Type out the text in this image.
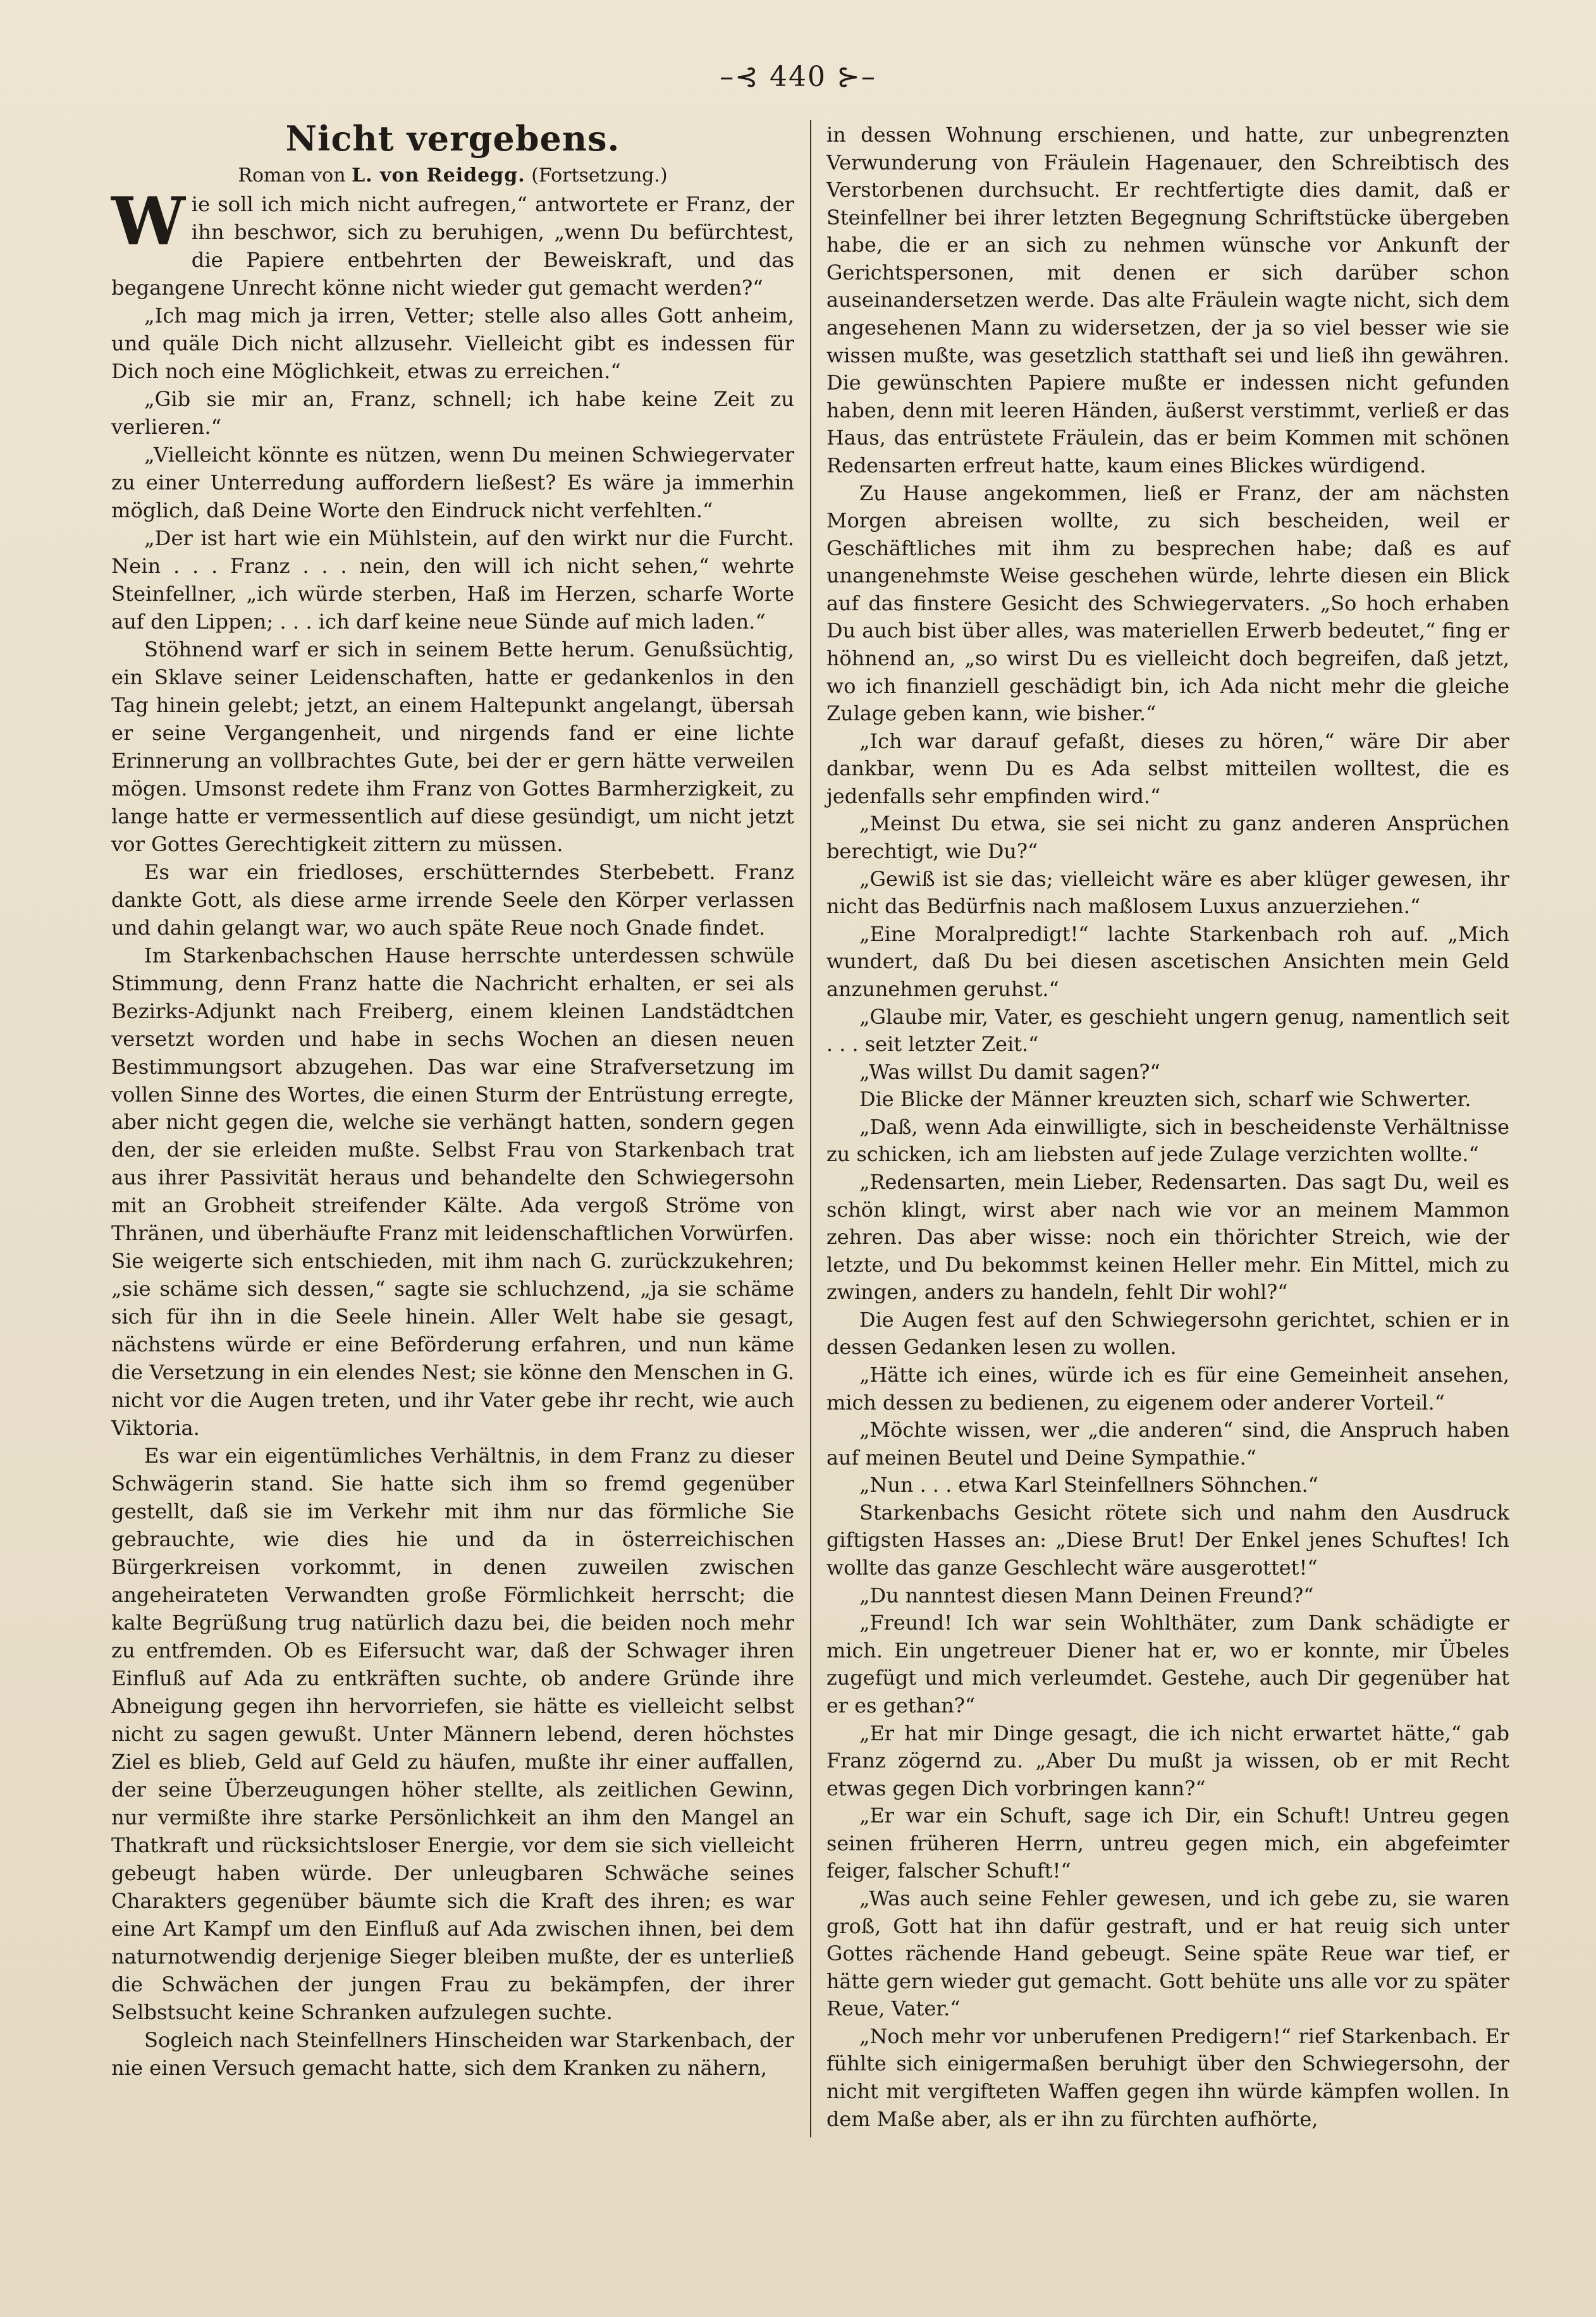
–⊰ 440 ⊱–
Nicht vergebens.
Roman von L. von Reidegg. (Fortsetzung.)

Wie soll ich mich nicht aufregen,“ antwortete er Franz, der ihn beschwor, sich zu beruhigen, „wenn Du befürchtest, die Papiere entbehrten der Beweiskraft, und das begangene Unrecht könne nicht wieder gut gemacht werden?“

„Ich mag mich ja irren, Vetter; stelle also alles Gott anheim, und quäle Dich nicht allzusehr. Vielleicht gibt es indessen für Dich noch eine Möglichkeit, etwas zu erreichen.“

„Gib sie mir an, Franz, schnell; ich habe keine Zeit zu verlieren.“

„Vielleicht könnte es nützen, wenn Du meinen Schwiegervater zu einer Unterredung auffordern ließest? Es wäre ja immerhin möglich, daß Deine Worte den Eindruck nicht verfehlten.“

„Der ist hart wie ein Mühlstein, auf den wirkt nur die Furcht. Nein . . . Franz . . . nein, den will ich nicht sehen,“ wehrte Steinfellner, „ich würde sterben, Haß im Herzen, scharfe Worte auf den Lippen; . . . ich darf keine neue Sünde auf mich laden.“

Stöhnend warf er sich in seinem Bette herum. Genußsüchtig, ein Sklave seiner Leidenschaften, hatte er gedankenlos in den Tag hinein gelebt; jetzt, an einem Haltepunkt angelangt, übersah er seine Vergangenheit, und nirgends fand er eine lichte Erinnerung an vollbrachtes Gute, bei der er gern hätte verweilen mögen. Umsonst redete ihm Franz von Gottes Barmherzigkeit, zu lange hatte er vermessentlich auf diese gesündigt, um nicht jetzt vor Gottes Gerechtigkeit zittern zu müssen.

Es war ein friedloses, erschütterndes Sterbebett. Franz dankte Gott, als diese arme irrende Seele den Körper verlassen und dahin gelangt war, wo auch späte Reue noch Gnade findet.

Im Starkenbachschen Hause herrschte unterdessen schwüle Stimmung, denn Franz hatte die Nachricht erhalten, er sei als Bezirks-Adjunkt nach Freiberg, einem kleinen Landstädtchen versetzt worden und habe in sechs Wochen an diesen neuen Bestimmungsort abzugehen. Das war eine Strafversetzung im vollen Sinne des Wortes, die einen Sturm der Entrüstung erregte, aber nicht gegen die, welche sie verhängt hatten, sondern gegen den, der sie erleiden mußte. Selbst Frau von Starkenbach trat aus ihrer Passivität heraus und behandelte den Schwiegersohn mit an Grobheit streifender Kälte. Ada vergoß Ströme von Thränen, und überhäufte Franz mit leidenschaftlichen Vorwürfen. Sie weigerte sich entschieden, mit ihm nach G. zurückzukehren; „sie schäme sich dessen,“ sagte sie schluchzend, „ja sie schäme sich für ihn in die Seele hinein. Aller Welt habe sie gesagt, nächstens würde er eine Beförderung erfahren, und nun käme die Versetzung in ein elendes Nest; sie könne den Menschen in G. nicht vor die Augen treten, und ihr Vater gebe ihr recht, wie auch Viktoria.

Es war ein eigentümliches Verhältnis, in dem Franz zu dieser Schwägerin stand. Sie hatte sich ihm so fremd gegenüber gestellt, daß sie im Verkehr mit ihm nur das förmliche Sie gebrauchte, wie dies hie und da in österreichischen Bürgerkreisen vorkommt, in denen zuweilen zwischen angeheirateten Verwandten große Förmlichkeit herrscht; die kalte Begrüßung trug natürlich dazu bei, die beiden noch mehr zu entfremden. Ob es Eifersucht war, daß der Schwager ihren Einfluß auf Ada zu entkräften suchte, ob andere Gründe ihre Abneigung gegen ihn hervorriefen, sie hätte es vielleicht selbst nicht zu sagen gewußt. Unter Männern lebend, deren höchstes Ziel es blieb, Geld auf Geld zu häufen, mußte ihr einer auffallen, der seine Überzeugungen höher stellte, als zeitlichen Gewinn, nur vermißte ihre starke Persönlichkeit an ihm den Mangel an Thatkraft und rücksichtsloser Energie, vor dem sie sich vielleicht gebeugt haben würde. Der unleugbaren Schwäche seines Charakters gegenüber bäumte sich die Kraft des ihren; es war eine Art Kampf um den Einfluß auf Ada zwischen ihnen, bei dem naturnotwendig derjenige Sieger bleiben mußte, der es unterließ die Schwächen der jungen Frau zu bekämpfen, der ihrer Selbstsucht keine Schranken aufzulegen suchte.

Sogleich nach Steinfellners Hinscheiden war Starkenbach, der nie einen Versuch gemacht hatte, sich dem Kranken zu nähern,

in dessen Wohnung erschienen, und hatte, zur unbegrenzten Verwunderung von Fräulein Hagenauer, den Schreibtisch des Verstorbenen durchsucht. Er rechtfertigte dies damit, daß er Steinfellner bei ihrer letzten Begegnung Schriftstücke übergeben habe, die er an sich zu nehmen wünsche vor Ankunft der Gerichtspersonen, mit denen er sich darüber schon auseinandersetzen werde. Das alte Fräulein wagte nicht, sich dem angesehenen Mann zu widersetzen, der ja so viel besser wie sie wissen mußte, was gesetzlich statthaft sei und ließ ihn gewähren. Die gewünschten Papiere mußte er indessen nicht gefunden haben, denn mit leeren Händen, äußerst verstimmt, verließ er das Haus, das entrüstete Fräulein, das er beim Kommen mit schönen Redensarten erfreut hatte, kaum eines Blickes würdigend.

Zu Hause angekommen, ließ er Franz, der am nächsten Morgen abreisen wollte, zu sich bescheiden, weil er Geschäftliches mit ihm zu besprechen habe; daß es auf unangenehmste Weise geschehen würde, lehrte diesen ein Blick auf das finstere Gesicht des Schwiegervaters. „So hoch erhaben Du auch bist über alles, was materiellen Erwerb bedeutet,“ fing er höhnend an, „so wirst Du es vielleicht doch begreifen, daß jetzt, wo ich finanziell geschädigt bin, ich Ada nicht mehr die gleiche Zulage geben kann, wie bisher.“

„Ich war darauf gefaßt, dieses zu hören,“ wäre Dir aber dankbar, wenn Du es Ada selbst mitteilen wolltest, die es jedenfalls sehr empfinden wird.“

„Meinst Du etwa, sie sei nicht zu ganz anderen Ansprüchen berechtigt, wie Du?“

„Gewiß ist sie das; vielleicht wäre es aber klüger gewesen, ihr nicht das Bedürfnis nach maßlosem Luxus anzuerziehen.“

„Eine Moralpredigt!“ lachte Starkenbach roh auf. „Mich wundert, daß Du bei diesen ascetischen Ansichten mein Geld anzunehmen geruhst.“

„Glaube mir, Vater, es geschieht ungern genug, namentlich seit . . . seit letzter Zeit.“

„Was willst Du damit sagen?“

Die Blicke der Männer kreuzten sich, scharf wie Schwerter.

„Daß, wenn Ada einwilligte, sich in bescheidenste Verhältnisse zu schicken, ich am liebsten auf jede Zulage verzichten wollte.“

„Redensarten, mein Lieber, Redensarten. Das sagt Du, weil es schön klingt, wirst aber nach wie vor an meinem Mammon zehren. Das aber wisse: noch ein thörichter Streich, wie der letzte, und Du bekommst keinen Heller mehr. Ein Mittel, mich zu zwingen, anders zu handeln, fehlt Dir wohl?“

Die Augen fest auf den Schwiegersohn gerichtet, schien er in dessen Gedanken lesen zu wollen.

„Hätte ich eines, würde ich es für eine Gemeinheit ansehen, mich dessen zu bedienen, zu eigenem oder anderer Vorteil.“

„Möchte wissen, wer „die anderen“ sind, die Anspruch haben auf meinen Beutel und Deine Sympathie.“

„Nun . . . etwa Karl Steinfellners Söhnchen.“

Starkenbachs Gesicht rötete sich und nahm den Ausdruck giftigsten Hasses an: „Diese Brut! Der Enkel jenes Schuftes! Ich wollte das ganze Geschlecht wäre ausgerottet!“

„Du nanntest diesen Mann Deinen Freund?“

„Freund! Ich war sein Wohlthäter, zum Dank schädigte er mich. Ein ungetreuer Diener hat er, wo er konnte, mir Übeles zugefügt und mich verleumdet. Gestehe, auch Dir gegenüber hat er es gethan?“

„Er hat mir Dinge gesagt, die ich nicht erwartet hätte,“ gab Franz zögernd zu. „Aber Du mußt ja wissen, ob er mit Recht etwas gegen Dich vorbringen kann?“

„Er war ein Schuft, sage ich Dir, ein Schuft! Untreu gegen seinen früheren Herrn, untreu gegen mich, ein abgefeimter feiger, falscher Schuft!“

„Was auch seine Fehler gewesen, und ich gebe zu, sie waren groß, Gott hat ihn dafür gestraft, und er hat reuig sich unter Gottes rächende Hand gebeugt. Seine späte Reue war tief, er hätte gern wieder gut gemacht. Gott behüte uns alle vor zu später Reue, Vater.“

„Noch mehr vor unberufenen Predigern!“ rief Starkenbach. Er fühlte sich einigermaßen beruhigt über den Schwiegersohn, der nicht mit vergifteten Waffen gegen ihn würde kämpfen wollen. In dem Maße aber, als er ihn zu fürchten aufhörte,
